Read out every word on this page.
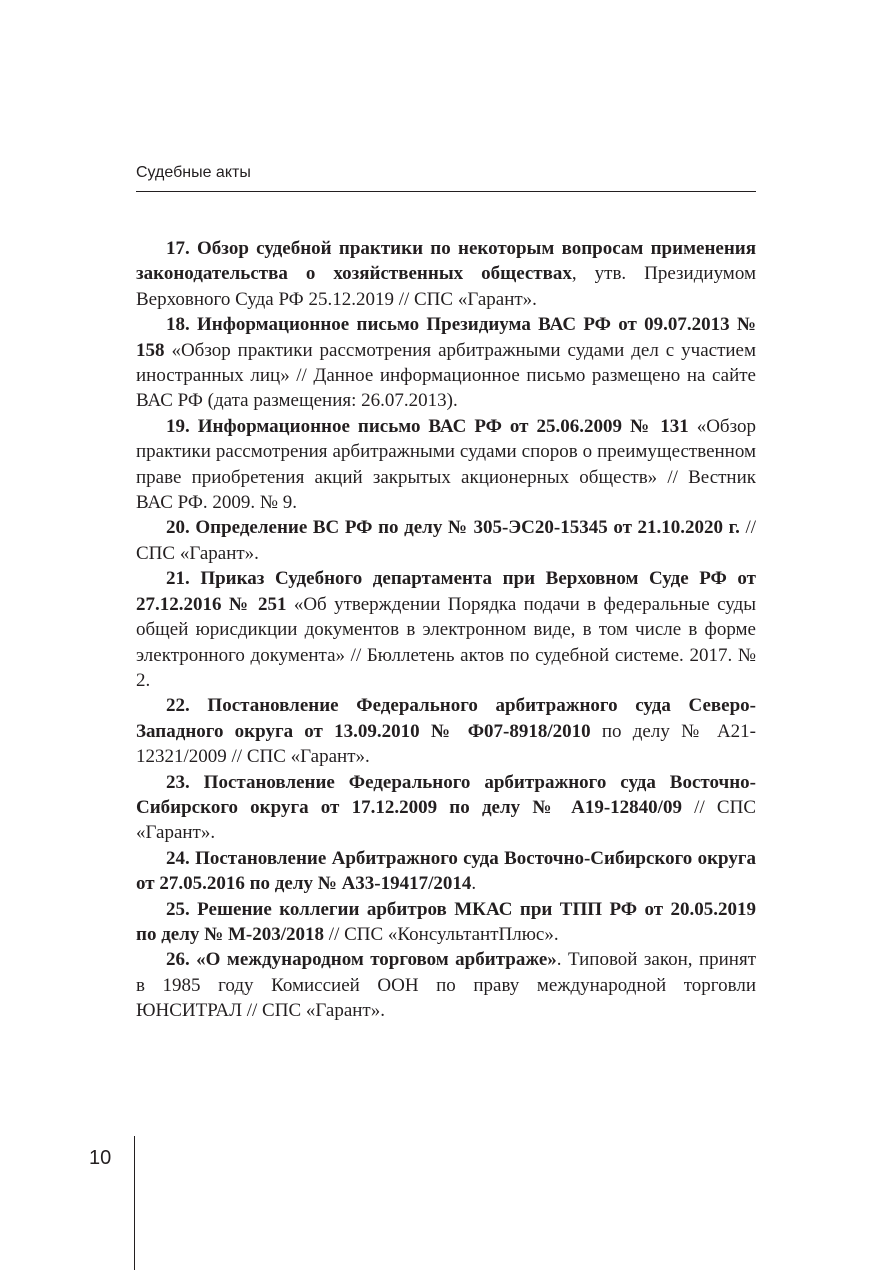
Судебные акты

17. Обзор судебной практики по некоторым вопросам применения законодательства о хозяйственных обществах, утв. Президиумом Верховного Суда РФ 25.12.2019 // СПС «Гарант».

18. Информационное письмо Президиума ВАС РФ от 09.07.2013 № 158 «Обзор практики рассмотрения арбитражными судами дел с участием иностранных лиц» // Данное информационное письмо размещено на сайте ВАС РФ (дата размещения: 26.07.2013).

19. Информационное письмо ВАС РФ от 25.06.2009 № 131 «Обзор практики рассмотрения арбитражными судами споров о преимущественном праве приобретения акций закрытых акционерных обществ» // Вестник ВАС РФ. 2009. № 9.

20. Определение ВС РФ по делу № 305-ЭС20-15345 от 21.10.2020 г. // СПС «Гарант».

21. Приказ Судебного департамента при Верховном Суде РФ от 27.12.2016 № 251 «Об утверждении Порядка подачи в федеральные суды общей юрисдикции документов в электронном виде, в том числе в форме электронного документа» // Бюллетень актов по судебной системе. 2017. № 2.

22. Постановление Федерального арбитражного суда Северо-Западного округа от 13.09.2010 № Ф07-8918/2010 по делу № А21-12321/2009 // СПС «Гарант».

23. Постановление Федерального арбитражного суда Восточно-Сибирского округа от 17.12.2009 по делу № А19-12840/09 // СПС «Гарант».

24. Постановление Арбитражного суда Восточно-Сибирского округа от 27.05.2016 по делу № А33-19417/2014.

25. Решение коллегии арбитров МКАС при ТПП РФ от 20.05.2019 по делу № М-203/2018 // СПС «КонсультантПлюс».

26. «О международном торговом арбитраже». Типовой закон, принят в 1985 году Комиссией ООН по праву международной торговли ЮНСИТРАЛ // СПС «Гарант».

10
